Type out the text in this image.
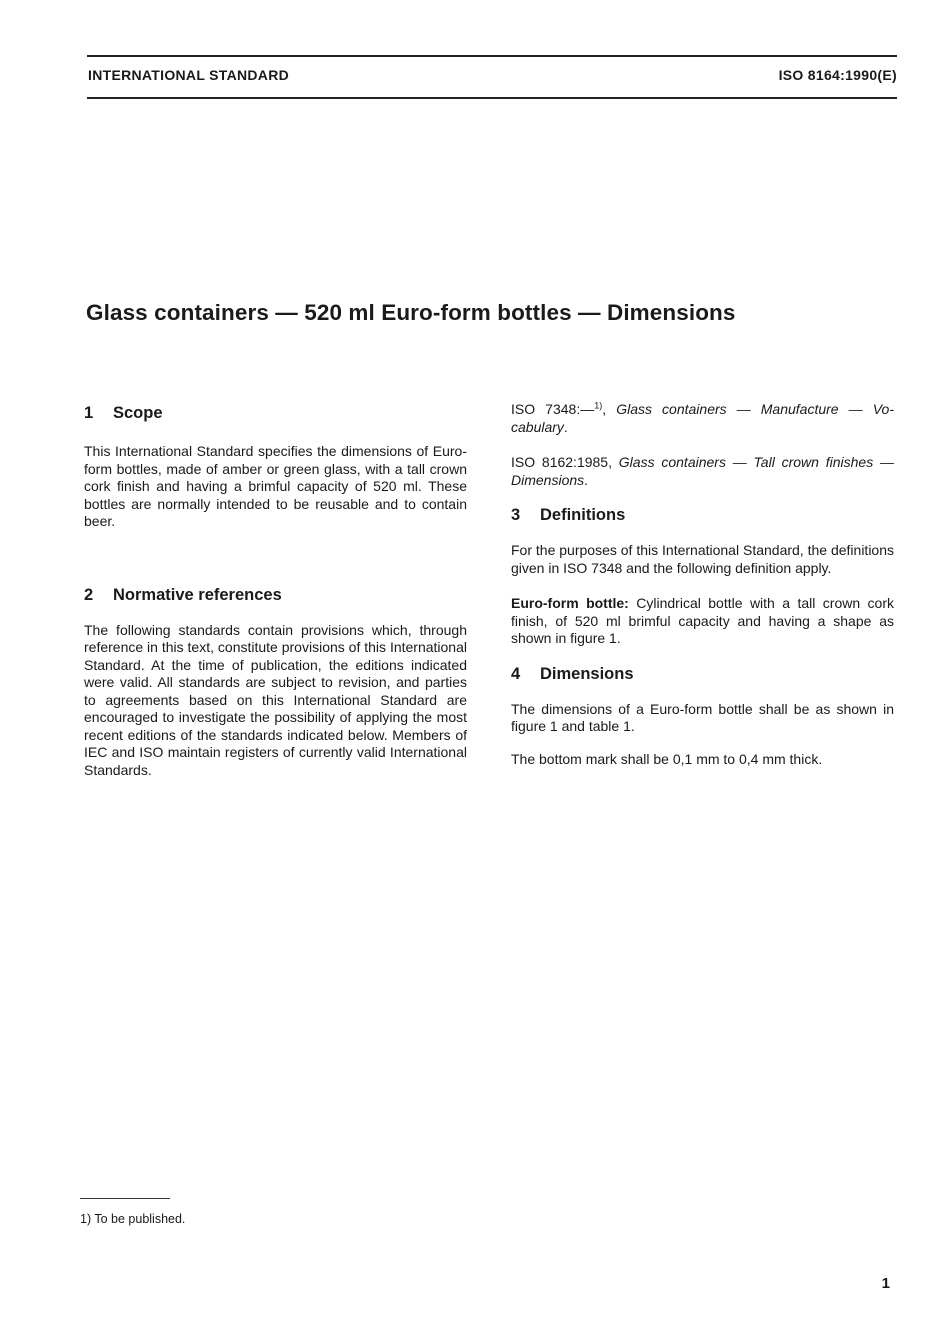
INTERNATIONAL STANDARD	ISO 8164:1990(E)
Glass containers — 520 ml Euro-form bottles — Dimensions
1 Scope

This International Standard specifies the dimensions of Euro-form bottles, made of amber or green glass, with a tall crown cork finish and having a brimful capacity of 520 ml. These bottles are normally intended to be reusable and to contain beer.

2 Normative references

The following standards contain provisions which, through reference in this text, constitute provisions of this International Standard. At the time of publication, the editions indicated were valid. All standards are subject to revision, and parties to agreements based on this International Standard are encouraged to investigate the possibility of applying the most recent editions of the standards indicated below. Members of IEC and ISO maintain registers of currently valid International Standards.

ISO 7348:—$^{1)}$, Glass containers — Manufacture — Vocabulary.

ISO 8162:1985, Glass containers — Tall crown finishes — Dimensions.

3 Definitions

For the purposes of this International Standard, the definitions given in ISO 7348 and the following definition apply.

Euro-form bottle: Cylindrical bottle with a tall crown cork finish, of 520 ml brimful capacity and having a shape as shown in figure 1.

4 Dimensions

The dimensions of a Euro-form bottle shall be as shown in figure 1 and table 1.

The bottom mark shall be 0,1 mm to 0,4 mm thick.

1) To be published.
1
